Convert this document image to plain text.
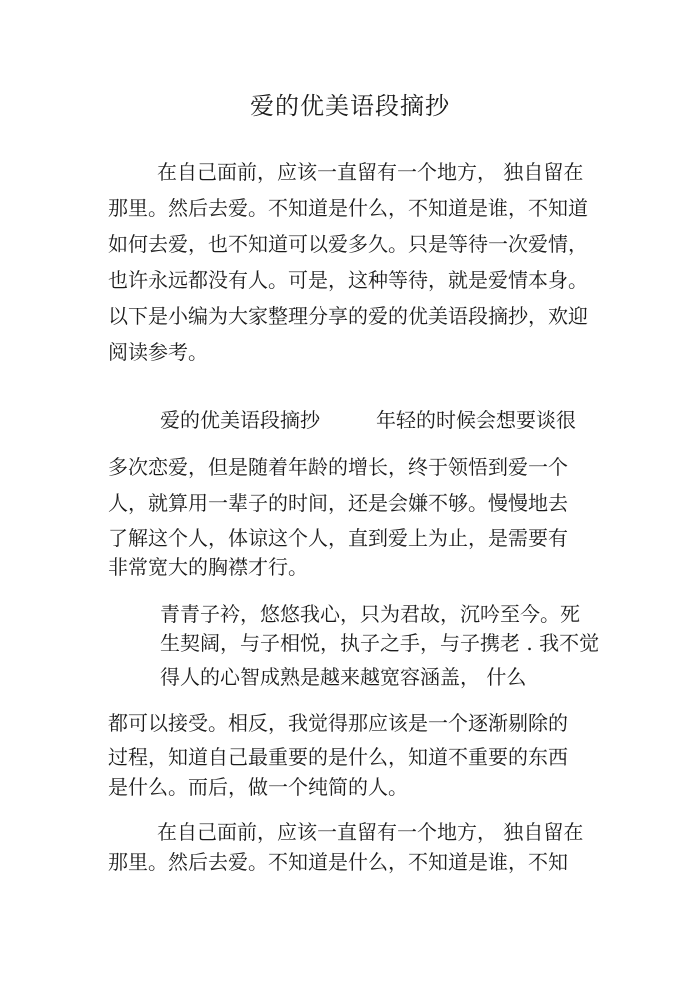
爱的优美语段摘抄
在自己面前，应该一直留有一个地方， 独自留在
那里。然后去爱。不知道是什么，不知道是谁，不知道
如何去爱，也不知道可以爱多久。只是等待一次爱情，
也许永远都没有人。可是，这种等待，就是爱情本身。
以下是小编为大家整理分享的爱的优美语段摘抄，欢迎
阅读参考。
爱的优美语段摘抄	年轻的时候会想要谈很
多次恋爱，但是随着年龄的增长，终于领悟到爱一个
人，就算用一辈子的时间，还是会嫌不够。慢慢地去
了解这个人，体谅这个人，直到爱上为止，是需要有
非常宽大的胸襟才行。
青青子衿，悠悠我心，只为君故，沉吟至今。死
生契阔，与子相悦，执子之手，与子携老 . 我不觉
得人的心智成熟是越来越宽容涵盖， 什么
都可以接受。相反，我觉得那应该是一个逐渐剔除的
过程，知道自己最重要的是什么，知道不重要的东西
是什么。而后，做一个纯简的人。
在自己面前，应该一直留有一个地方， 独自留在
那里。然后去爱。不知道是什么，不知道是谁，不知
